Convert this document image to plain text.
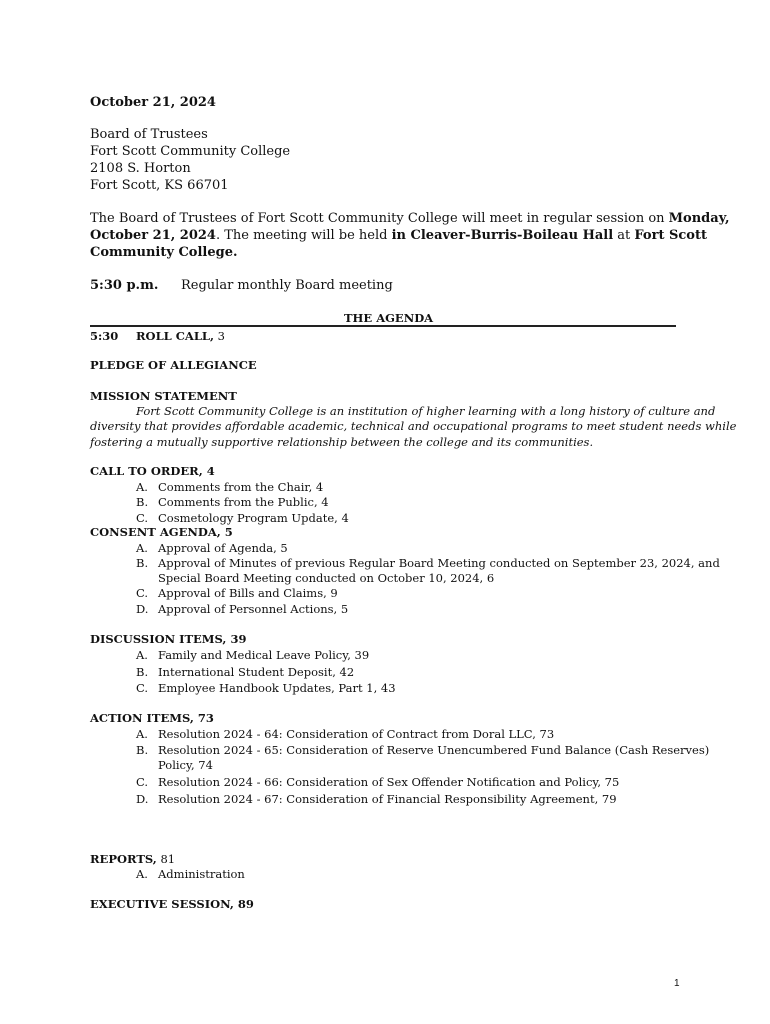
October 21, 2024
Board of Trustees
Fort Scott Community College
2108 S. Horton
Fort Scott, KS 66701
The Board of Trustees of Fort Scott Community College will meet in regular session on Monday,
October 21, 2024. The meeting will be held in Cleaver-Burris-Boileau Hall at Fort Scott
Community College.
5:30 p.m. Regular monthly Board meeting
THE AGENDA
5:30 ROLL CALL, 3
PLEDGE OF ALLEGIANCE
MISSION STATEMENT
Fort Scott Community College is an institution of higher learning with a long history of culture and
diversity that provides affordable academic, technical and occupational programs to meet student needs while
fostering a mutually supportive relationship between the college and its communities.
CALL TO ORDER, 4
A. Comments from the Chair, 4
B. Comments from the Public, 4
C. Cosmetology Program Update, 4
CONSENT AGENDA, 5
A. Approval of Agenda, 5
B. Approval of Minutes of previous Regular Board Meeting conducted on September 23, 2024, and
Special Board Meeting conducted on October 10, 2024, 6
C. Approval of Bills and Claims, 9
D. Approval of Personnel Actions, 5
DISCUSSION ITEMS, 39
A. Family and Medical Leave Policy, 39
B. International Student Deposit, 42
C. Employee Handbook Updates, Part 1, 43
ACTION ITEMS, 73
A. Resolution 2024 - 64: Consideration of Contract from Doral LLC, 73
B. Resolution 2024 - 65: Consideration of Reserve Unencumbered Fund Balance (Cash Reserves)
Policy, 74
C. Resolution 2024 - 66: Consideration of Sex Offender Notification and Policy, 75
D. Resolution 2024 - 67: Consideration of Financial Responsibility Agreement, 79
REPORTS, 81
A. Administration
EXECUTIVE SESSION, 89
1
